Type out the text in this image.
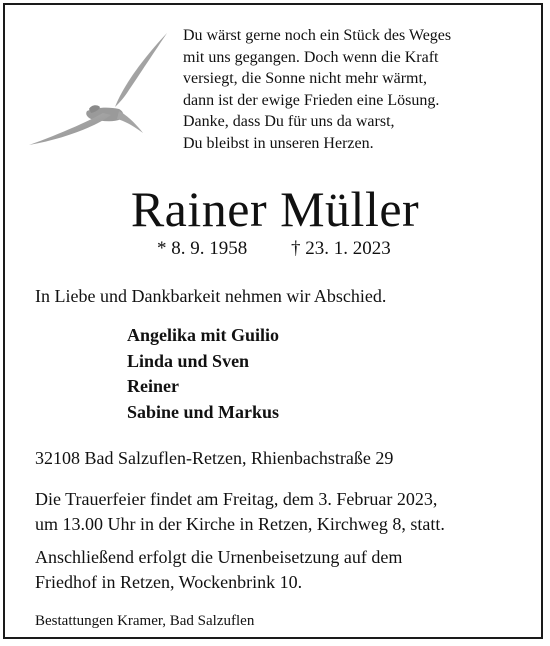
Du wärst gerne noch ein Stück des Weges
mit uns gegangen. Doch wenn die Kraft
versiegt, die Sonne nicht mehr wärmt,
dann ist der ewige Frieden eine Lösung.
Danke, dass Du für uns da warst,
Du bleibst in unseren Herzen.
Rainer Müller
* 8. 9. 1958 † 23. 1. 2023
In Liebe und Dankbarkeit nehmen wir Abschied.
Angelika mit Guilio
Linda und Sven
Reiner
Sabine und Markus
32108 Bad Salzuflen-Retzen, Rhienbachstraße 29
Die Trauerfeier findet am Freitag, dem 3. Februar 2023,
um 13.00 Uhr in der Kirche in Retzen, Kirchweg 8, statt.
Anschließend erfolgt die Urnenbeisetzung auf dem
Friedhof in Retzen, Wockenbrink 10.
Bestattungen Kramer, Bad Salzuflen
